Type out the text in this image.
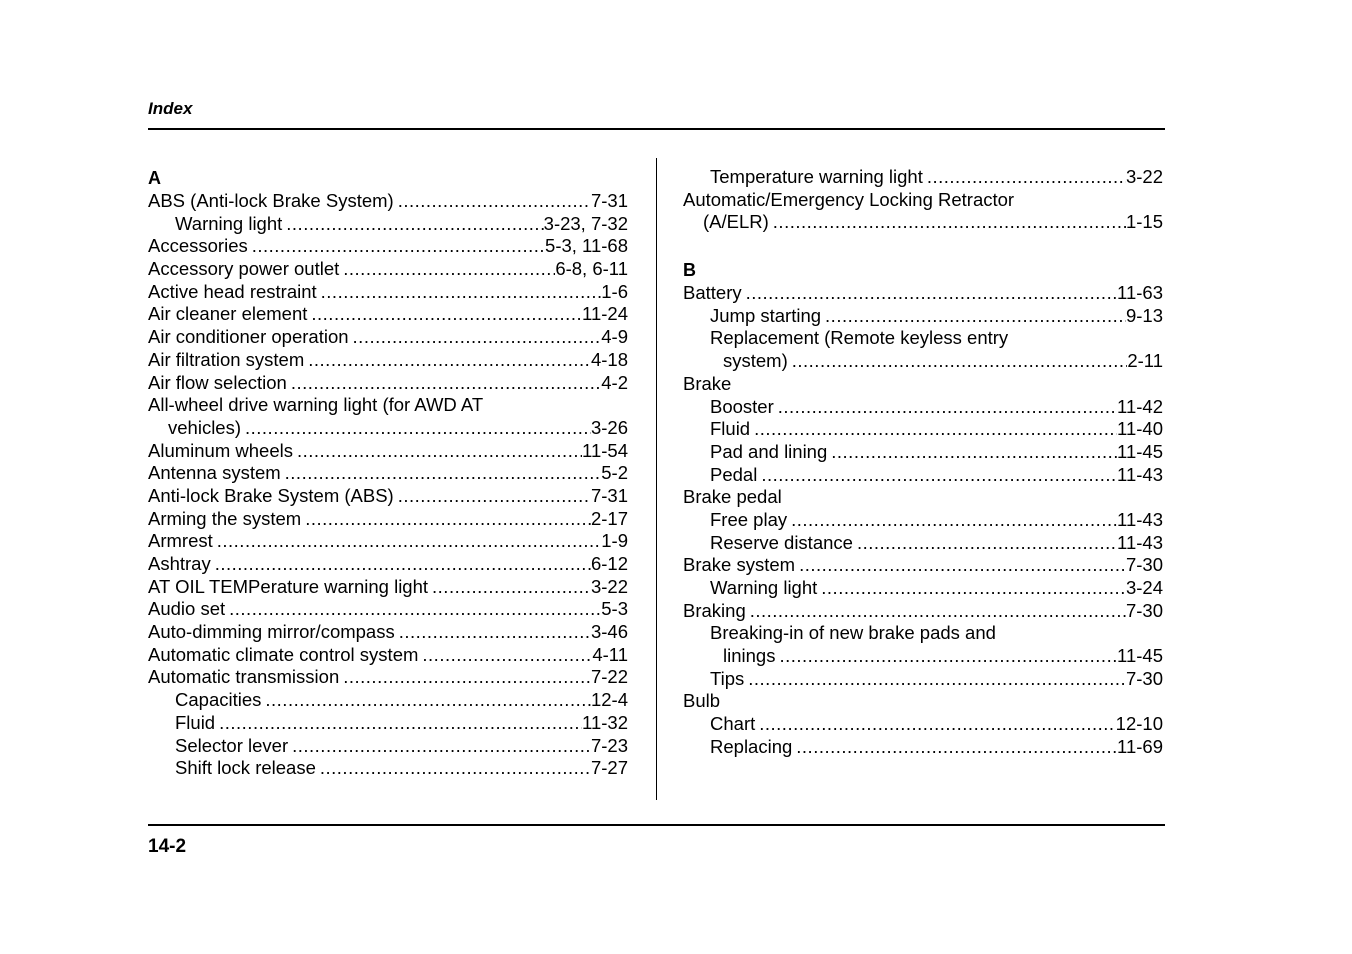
Index
14-2
A
ABS (Anti-lock Brake System) .....	7-31
Warning light .....	3-23, 7-32
Accessories .....	5-3, 11-68
Accessory power outlet .....	6-8, 6-11
Active head restraint .....	1-6
Air cleaner element .....	11-24
Air conditioner operation .....	4-9
Air filtration system .....	4-18
Air flow selection .....	4-2
All-wheel drive warning light (for AWD AT
vehicles) .....	3-26
Aluminum wheels .....	11-54
Antenna system .....	5-2
Anti-lock Brake System (ABS) .....	7-31
Arming the system .....	2-17
Armrest .....	1-9
Ashtray .....	6-12
AT OIL TEMPerature warning light .....	3-22
Audio set .....	5-3
Auto-dimming mirror/compass .....	3-46
Automatic climate control system .....	4-11
Automatic transmission .....	7-22
Capacities .....	12-4
Fluid .....	11-32
Selector lever .....	7-23
Shift lock release .....	7-27
Temperature warning light .....	3-22
Automatic/Emergency Locking Retractor
(A/ELR) .....	1-15
B
Battery .....	11-63
Jump starting .....	9-13
Replacement (Remote keyless entry
system) .....	2-11
Brake
Booster .....	11-42
Fluid .....	11-40
Pad and lining .....	11-45
Pedal .....	11-43
Brake pedal
Free play .....	11-43
Reserve distance .....	11-43
Brake system .....	7-30
Warning light .....	3-24
Braking .....	7-30
Breaking-in of new brake pads and
linings .....	11-45
Tips .....	7-30
Bulb
Chart .....	12-10
Replacing .....	11-69
